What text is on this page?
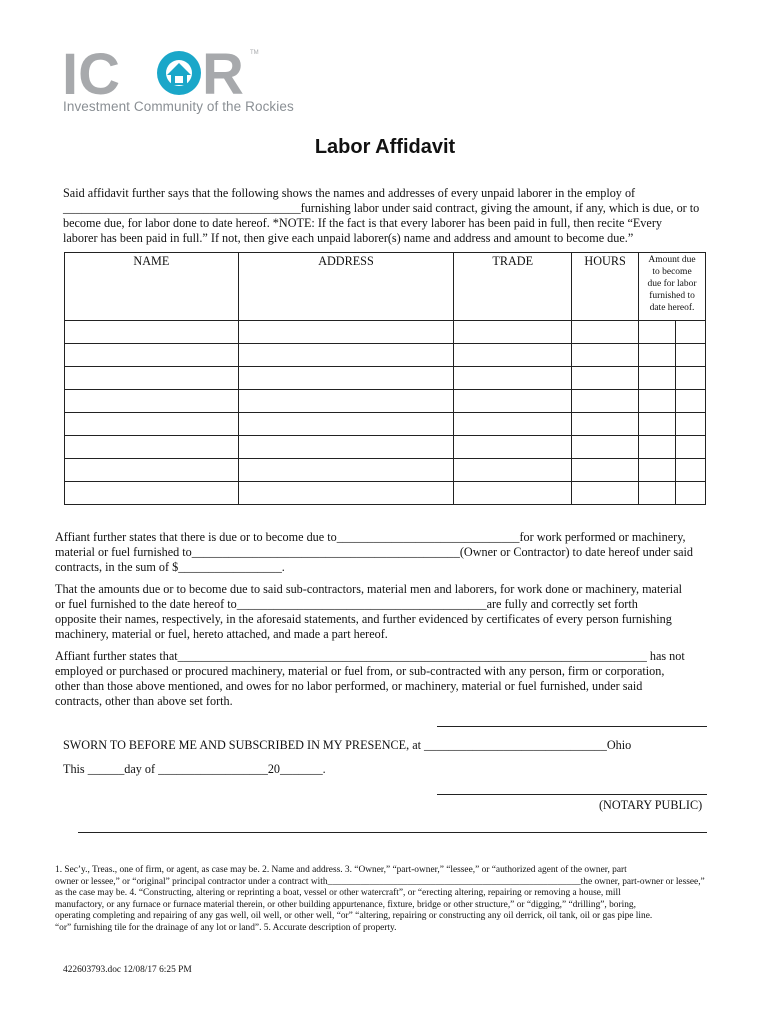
IC R TM
Investment Community of the Rockies
Labor Affidavit
Said affidavit further says that the following shows the names and addresses of every unpaid laborer in the employ of
_______________________________________furnishing labor under said contract, giving the amount, if any, which is due, or to
become due, for labor done to date hereof. *NOTE: If the fact is that every laborer has been paid in full, then recite “Every
laborer has been paid in full.” If not, then give each unpaid laborer(s) name and address and amount to become due.”
NAME	ADDRESS	TRADE	HOURS	Amount due
to become
due for labor
furnished to
date hereof.	

Affiant further states that there is due or to become due to______________________________for work performed or machinery,
material or fuel furnished to____________________________________________(Owner or Contractor) to date hereof under said
contracts, in the sum of $_________________.
That the amounts due or to become due to said sub-contractors, material men and laborers, for work done or machinery, material
or fuel furnished to the date hereof to_________________________________________are fully and correctly set forth
opposite their names, respectively, in the aforesaid statements, and further evidenced by certificates of every person furnishing
machinery, material or fuel, hereto attached, and made a part hereof.
Affiant further states that_____________________________________________________________________________ has not
employed or purchased or procured machinery, material or fuel from, or sub-contracted with any person, firm or corporation,
other than those above mentioned, and owes for no labor performed, or machinery, material or fuel furnished, under said
contracts, other than above set forth.
SWORN TO BEFORE ME AND SUBSCRIBED IN MY PRESENCE, at ______________________________Ohio
This ______day of __________________20_______.
(NOTARY PUBLIC)
1. Sec’y., Treas., one of firm, or agent, as case may be. 2. Name and address. 3. “Owner,” “part-owner,” “lessee,” or “authorized agent of the owner, part
owner or lessee,” or “original” principal contractor under a contract with______________________________________________________the owner, part-owner or lessee,”
as the case may be. 4. “Constructing, altering or reprinting a boat, vessel or other watercraft”, or “erecting altering, repairing or removing a house, mill
manufactory, or any furnace or furnace material therein, or other building appurtenance, fixture, bridge or other structure,” or “digging,” “drilling”, boring,
operating completing and repairing of any gas well, oil well, or other well, “or” “altering, repairing or constructing any oil derrick, oil tank, oil or gas pipe line.
“or” furnishing tile for the drainage of any lot or land”. 5. Accurate description of property.
422603793.doc 12/08/17 6:25 PM
